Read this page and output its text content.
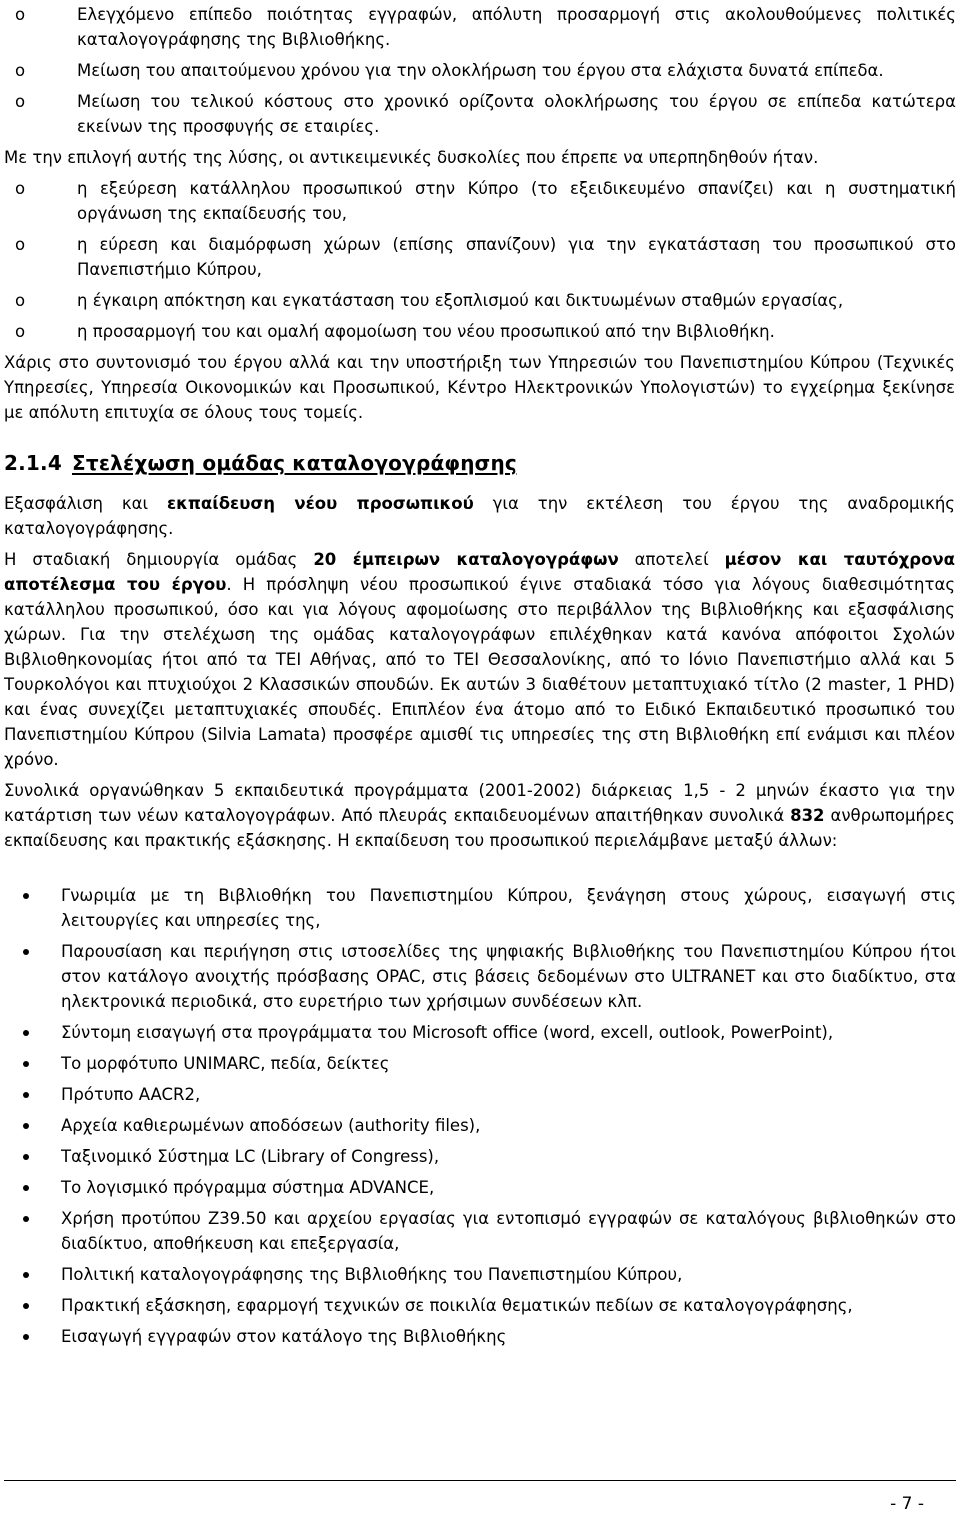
o	Ελεγχόμενο επίπεδο ποιότητας εγγραφών, απόλυτη προσαρμογή στις ακολουθούμενες πολιτικές καταλογογράφησης της Βιβλιοθήκης.
o	Μείωση του απαιτούμενου χρόνου για την ολοκλήρωση του έργου στα ελάχιστα δυνατά επίπεδα.
o	Μείωση του τελικού κόστους στο χρονικό ορίζοντα ολοκλήρωσης του έργου σε επίπεδα κατώτερα εκείνων της προσφυγής σε εταιρίες.

Με την επιλογή αυτής της λύσης, οι αντικειμενικές δυσκολίες που έπρεπε να υπερπηδηθούν ήταν.

o	η εξεύρεση κατάλληλου προσωπικού στην Κύπρο (το εξειδικευμένο σπανίζει) και η συστηματική οργάνωση της εκπαίδευσής του,
o	η εύρεση και διαμόρφωση χώρων (επίσης σπανίζουν) για την εγκατάσταση του προσωπικού στο Πανεπιστήμιο Κύπρου,
o	η έγκαιρη απόκτηση και εγκατάσταση του εξοπλισμού και δικτυωμένων σταθμών εργασίας,
o	η προσαρμογή του και ομαλή αφομοίωση του νέου προσωπικού από την Βιβλιοθήκη.

Χάρις στο συντονισμό του έργου αλλά και την υποστήριξη των Υπηρεσιών του Πανεπιστημίου Κύπρου (Τεχνικές Υπηρεσίες, Υπηρεσία Οικονομικών και Προσωπικού, Κέντρο Ηλεκτρονικών Υπολογιστών) το εγχείρημα ξεκίνησε με απόλυτη επιτυχία σε όλους τους τομείς.

2.1.4 Στελέχωση ομάδας καταλογογράφησης

Εξασφάλιση και εκπαίδευση νέου προσωπικού για την εκτέλεση του έργου της αναδρομικής καταλογογράφησης.

Η σταδιακή δημιουργία ομάδας 20 έμπειρων καταλογογράφων αποτελεί μέσον και ταυτόχρονα αποτέλεσμα του έργου. Η πρόσληψη νέου προσωπικού έγινε σταδιακά τόσο για λόγους διαθεσιμότητας κατάλληλου προσωπικού, όσο και για λόγους αφομοίωσης στο περιβάλλον της Βιβλιοθήκης και εξασφάλισης χώρων. Για την στελέχωση της ομάδας καταλογογράφων επιλέχθηκαν κατά κανόνα απόφοιτοι Σχολών Βιβλιοθηκονομίας ήτοι από τα ΤΕΙ Αθήνας, από το ΤΕΙ Θεσσαλονίκης, από το Ιόνιο Πανεπιστήμιο αλλά και 5 Τουρκολόγοι και πτυχιούχοι 2 Κλασσικών σπουδών. Εκ αυτών 3 διαθέτουν μεταπτυχιακό τίτλο (2 master, 1 PHD) και ένας συνεχίζει μεταπτυχιακές σπουδές. Επιπλέον ένα άτομο από το Ειδικό Εκπαιδευτικό προσωπικό του Πανεπιστημίου Κύπρου (Silvia Lamata) προσφέρε αμισθί τις υπηρεσίες της στη Βιβλιοθήκη επί ενάμισι και πλέον χρόνο.

Συνολικά οργανώθηκαν 5 εκπαιδευτικά προγράμματα (2001-2002) διάρκειας 1,5 - 2 μηνών έκαστο για την κατάρτιση των νέων καταλογογράφων. Από πλευράς εκπαιδευομένων απαιτήθηκαν συνολικά 832 ανθρωπομήρες εκπαίδευσης και πρακτικής εξάσκησης. Η εκπαίδευση του προσωπικού περιελάμβανε μεταξύ άλλων:

Γνωριμία με τη Βιβλιοθήκη του Πανεπιστημίου Κύπρου, ξενάγηση στους χώρους, εισαγωγή στις λειτουργίες και υπηρεσίες της,
Παρουσίαση και περιήγηση στις ιστοσελίδες της ψηφιακής Βιβλιοθήκης του Πανεπιστημίου Κύπρου ήτοι στον κατάλογο ανοιχτής πρόσβασης OPAC, στις βάσεις δεδομένων στο ULTRANET και στο διαδίκτυο, στα ηλεκτρονικά περιοδικά, στο ευρετήριο των χρήσιμων συνδέσεων κλπ.
Σύντομη εισαγωγή στα προγράμματα του Microsoft office (word, excell, outlook, PowerPoint),
Το μορφότυπο UNIMARC, πεδία, δείκτες
Πρότυπο AACR2,
Αρχεία καθιερωμένων αποδόσεων (authority files),
Ταξινομικό Σύστημα LC (Library of Congress),
Το λογισμικό πρόγραμμα σύστημα ADVANCE,
Χρήση προτύπου Z39.50 και αρχείου εργασίας για εντοπισμό εγγραφών σε καταλόγους βιβλιοθηκών στο διαδίκτυο, αποθήκευση και επεξεργασία,
Πολιτική καταλογογράφησης της Βιβλιοθήκης του Πανεπιστημίου Κύπρου,
Πρακτική εξάσκηση, εφαρμογή τεχνικών σε ποικιλία θεματικών πεδίων σε καταλογογράφησης,
Εισαγωγή εγγραφών στον κατάλογο της Βιβλιοθήκης
- 7 -
